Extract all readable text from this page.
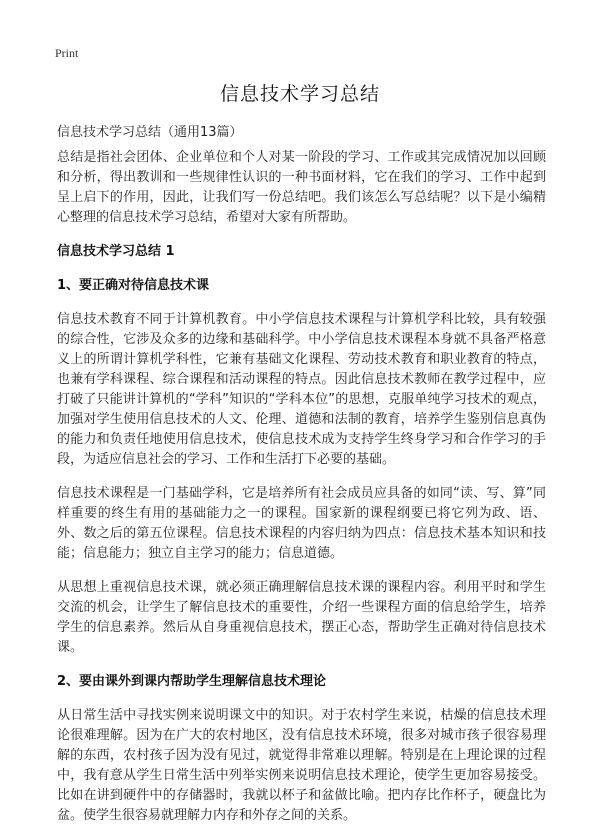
Print
信息技术学习总结
信息技术学习总结（通用13篇）

总结是指社会团体、企业单位和个人对某一阶段的学习、工作或其完成情况加以回顾和分析，得出教训和一些规律性认识的一种书面材料，它在我们的学习、工作中起到呈上启下的作用，因此，让我们写一份总结吧。我们该怎么写总结呢？以下是小编精心整理的信息技术学习总结，希望对大家有所帮助。

信息技术学习总结 1
1、要正确对待信息技术课

信息技术教育不同于计算机教育。中小学信息技术课程与计算机学科比较，具有较强的综合性，它涉及众多的边缘和基础科学。中小学信息技术课程本身就不具备严格意义上的所谓计算机学科性，它兼有基础文化课程、劳动技术教育和职业教育的特点，也兼有学科课程、综合课程和活动课程的特点。因此信息技术教师在教学过程中，应打破了只能讲计算机的“学科”知识的“学科本位”的思想，克服单纯学习技术的观点，加强对学生使用信息技术的人文、伦理、道德和法制的教育，培养学生鉴别信息真伪的能力和负责任地使用信息技术，使信息技术成为支持学生终身学习和合作学习的手段，为适应信息社会的学习、工作和生活打下必要的基础。

信息技术课程是一门基础学科，它是培养所有社会成员应具备的如同“读、写、算”同样重要的终生有用的基础能力之一的课程。国家新的课程纲要已将它列为政、语、外、数之后的第五位课程。信息技术课程的内容归纳为四点：信息技术基本知识和技能；信息能力；独立自主学习的能力；信息道德。

从思想上重视信息技术课，就必须正确理解信息技术课的课程内容。利用平时和学生交流的机会，让学生了解信息技术的重要性，介绍一些课程方面的信息给学生，培养学生的信息素养。然后从自身重视信息技术，摆正心态，帮助学生正确对待信息技术课。

2、要由课外到课内帮助学生理解信息技术理论

从日常生活中寻找实例来说明课文中的知识。对于农村学生来说，枯燥的信息技术理论很难理解。因为在广大的农村地区，没有信息技术环境，很多对城市孩子很容易理解的东西，农村孩子因为没有见过，就觉得非常难以理解。特别是在上理论课的过程中，我有意从学生日常生活中列举实例来说明信息技术理论，使学生更加容易接受。比如在讲到硬件中的存储器时，我就以杯子和盆做比喻。把内存比作杯子，硬盘比为盆。使学生很容易就理解力内存和外存之间的关系。
